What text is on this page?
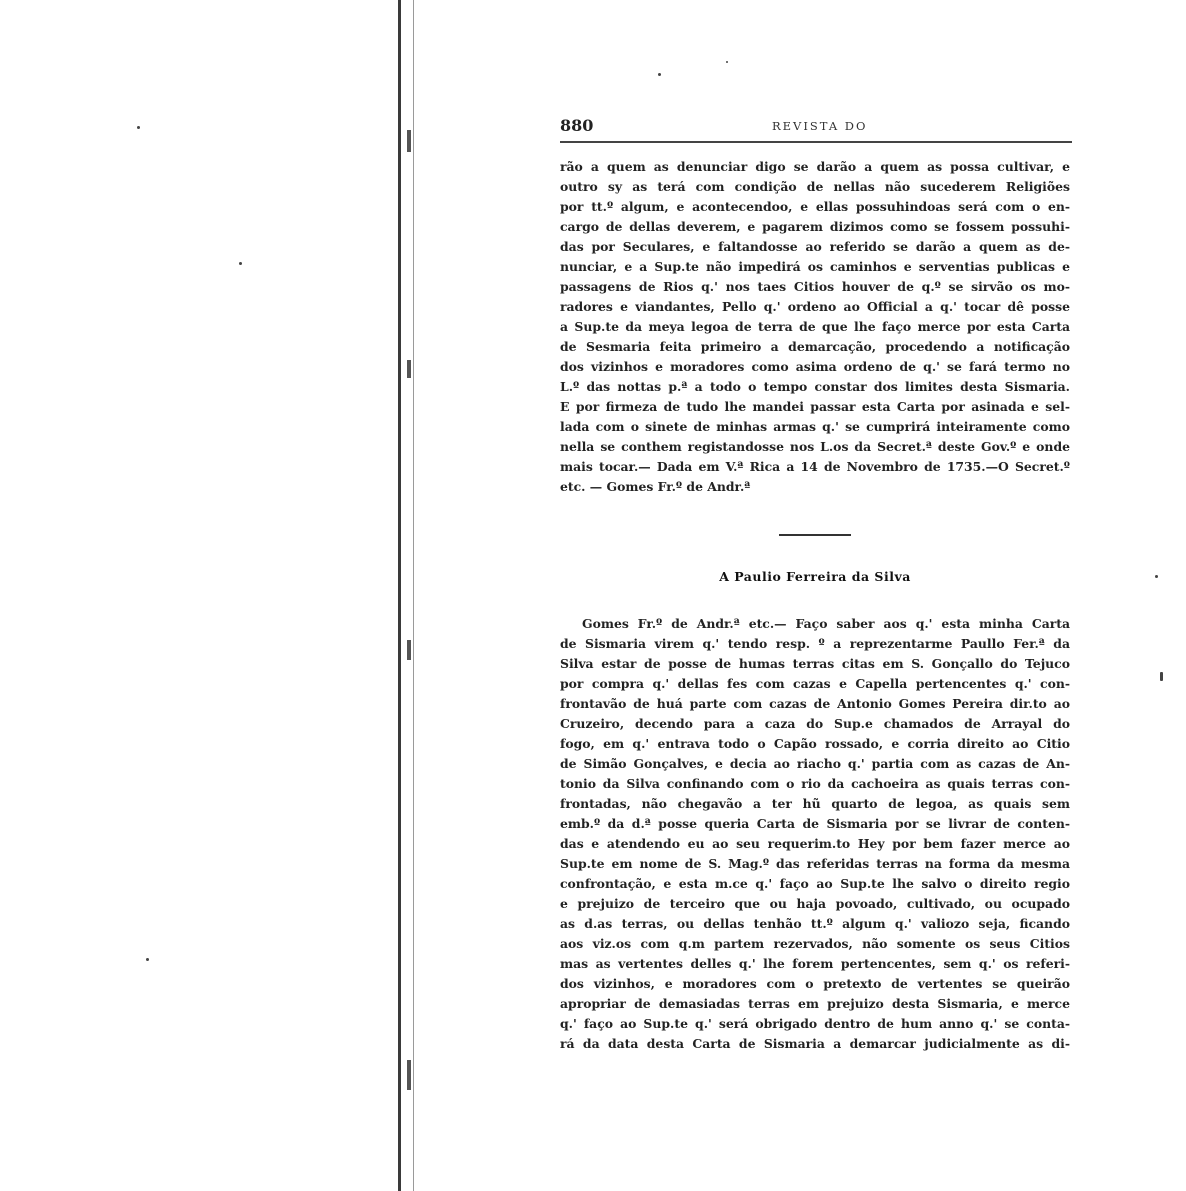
880	REVISTA DO

rão a quem as denunciar digo se darão a quem as possa cultivar, e
outro sy as terá com condição de nellas não sucederem Religiões
por tt.º algum, e acontecendoo, e ellas possuhindoas será com o en-
cargo de dellas deverem, e pagarem dizimos como se fossem possuhi-
das por Seculares, e faltandosse ao referido se darão a quem as de-
nunciar, e a Sup.te não impedirá os caminhos e serventias publicas e
passagens de Rios q.' nos taes Citios houver de q.º se sirvão os mo-
radores e viandantes, Pello q.' ordeno ao Official a q.' tocar dê posse
a Sup.te da meya legoa de terra de que lhe faço merce por esta Carta
de Sesmaria feita primeiro a demarcação, procedendo a notificação
dos vizinhos e moradores como asima ordeno de q.' se fará termo no
L.º das nottas p.ª a todo o tempo constar dos limites desta Sismaria.
E por firmeza de tudo lhe mandei passar esta Carta por asinada e sel-
lada com o sinete de minhas armas q.' se cumprirá inteiramente como
nella se conthem registandosse nos L.os da Secret.ª deste Gov.º e onde
mais tocar.— Dada em V.ª Rica a 14 de Novembro de 1735.—O Secret.º
etc. — Gomes Fr.º de Andr.ª

A Paulio Ferreira da Silva

Gomes Fr.º de Andr.ª etc.— Faço saber aos q.' esta minha Carta
de Sismaria virem q.' tendo resp. º a reprezentarme Paullo Fer.ª da
Silva estar de posse de humas terras citas em S. Gonçallo do Tejuco
por compra q.' dellas fes com cazas e Capella pertencentes q.' con-
frontavão de huá parte com cazas de Antonio Gomes Pereira dir.to ao
Cruzeiro, decendo para a caza do Sup.e chamados de Arrayal do
fogo, em q.' entrava todo o Capão rossado, e corria direito ao Citio
de Simão Gonçalves, e decia ao riacho q.' partia com as cazas de An-
tonio da Silva confinando com o rio da cachoeira as quais terras con-
frontadas, não chegavão a ter hũ quarto de legoa, as quais sem
emb.º da d.ª posse queria Carta de Sismaria por se livrar de conten-
das e atendendo eu ao seu requerim.to Hey por bem fazer merce ao
Sup.te em nome de S. Mag.º das referidas terras na forma da mesma
confrontação, e esta m.ce q.' faço ao Sup.te lhe salvo o direito regio
e prejuizo de terceiro que ou haja povoado, cultivado, ou ocupado
as d.as terras, ou dellas tenhão tt.º algum q.' valiozo seja, ficando
aos viz.os com q.m partem rezervados, não somente os seus Citios
mas as vertentes delles q.' lhe forem pertencentes, sem q.' os referi-
dos vizinhos, e moradores com o pretexto de vertentes se queirão
apropriar de demasiadas terras em prejuizo desta Sismaria, e merce
q.' faço ao Sup.te q.' será obrigado dentro de hum anno q.' se conta-
rá da data desta Carta de Sismaria a demarcar judicialmente as di-
